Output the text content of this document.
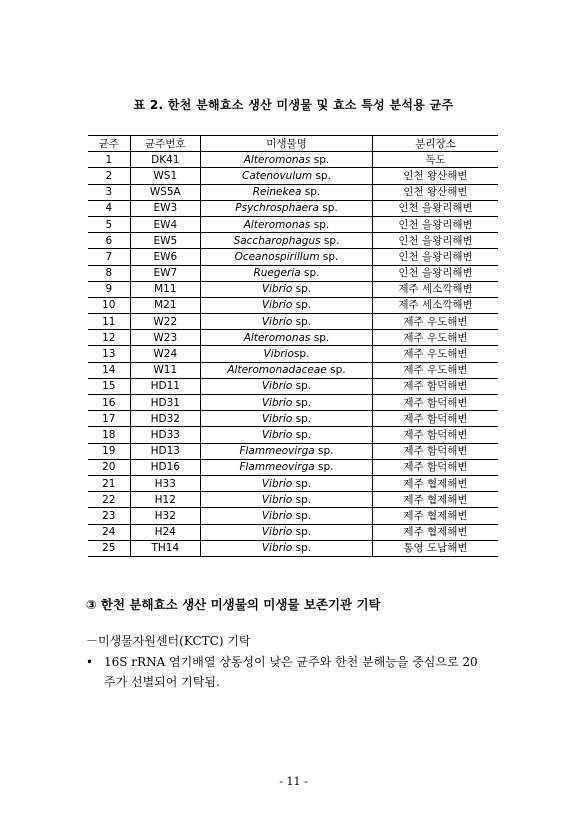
표 2. 한천 분해효소 생산 미생물 및 효소 특성 분석용 균주
균주	균주번호	미생물명	분리장소
1	DK41	Alteromonas sp.	독도
2	WS1	Catenovulum sp.	인천 왕산해변
3	WS5A	Reinekea sp.	인천 왕산해변
4	EW3	Psychrosphaera sp.	인천 을왕리해변
5	EW4	Alteromonas sp.	인천 을왕리해변
6	EW5	Saccharophagus sp.	인천 을왕리해변
7	EW6	Oceanospirillum sp.	인천 을왕리해변
8	EW7	Ruegeria sp.	인천 을왕리해변
9	M11	Vibrio sp.	제주 세소깍해변
10	M21	Vibrio sp.	제주 세소깍해변
11	W22	Vibrio sp.	제주 우도해변
12	W23	Alteromonas sp.	제주 우도해변
13	W24	Vibriosp.	제주 우도해변
14	W11	Alteromonadaceae sp.	제주 우도해변
15	HD11	Vibrio sp.	제주 함덕해변
16	HD31	Vibrio sp.	제주 함덕해변
17	HD32	Vibrio sp.	제주 함덕해변
18	HD33	Vibrio sp.	제주 함덕해변
19	HD13	Flammeovirga sp.	제주 함덕해변
20	HD16	Flammeovirga sp.	제주 함덕해변
21	H33	Vibrio sp.	제주 협제해변
22	H12	Vibrio sp.	제주 협제해변
23	H32	Vibrio sp.	제주 협제해변
24	H24	Vibrio sp.	제주 협제해변
25	TH14	Vibrio sp.	통영 도남해변
③ 한천 분해효소 생산 미생물의 미생물 보존기관 기탁
－미생물자원센터(KCTC) 기탁
• 16S rRNA 염기배열 상동성이 낮은 균주와 한천 분해능을 중심으로 20
주가 선별되어 기탁됨.
- 11 -
